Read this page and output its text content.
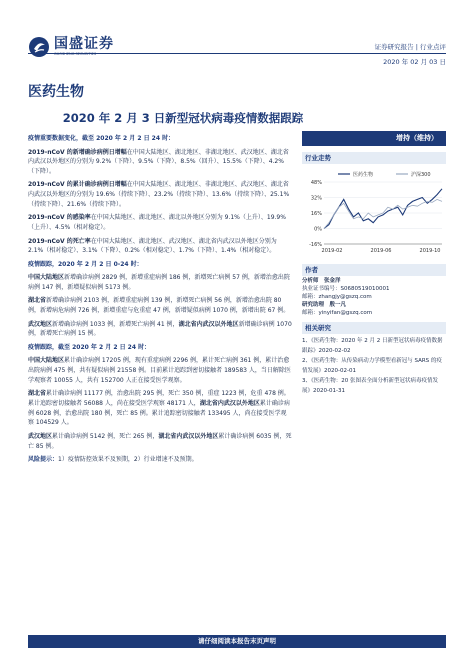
国盛证券
GUOSHENG SECURITIES
证券研究报告 | 行业点评
2020 年 02 月 03 日
医药生物
2020 年 2 月 3 日新型冠状病毒疫情数据跟踪

疫情重要数据变化，截至 2020 年 2 月 2 日 24 时：

2019-nCoV 的新增确诊病例日增幅在中国大陆地区、湖北地区、非湖北地区、武汉地区、湖北省内武汉以外地区的分别为 9.2%（下降）、9.5%（下降）、8.5%（回升）、15.5%（下降）、4.2%（下降）。

2019-nCoV 的累计确诊病例日增幅在中国大陆地区、湖北地区、非湖北地区、武汉地区、湖北省内武汉以外地区的分别为 19.6%（持续下降）、23.2%（持续下降）、13.6%（持续下降）、25.1%（持续下降）、21.6%（持续下降）。

2019-nCoV 的感染率在中国大陆地区、湖北地区、湖北以外地区分别为 9.1%（上升）、19.9%（上升）、4.5%（相对稳定）。

2019-nCoV 的死亡率在中国大陆地区、湖北地区、武汉地区、湖北省内武汉以外地区分别为 2.1%（相对稳定）、3.1%（下降）、0.2%（相对稳定）、1.7%（下降）、1.4%（相对稳定）。

疫情跟踪，2020 年 2 月 2 日 0-24 时：

中国大陆地区新增确诊病例 2829 例，新增重症病例 186 例，新增死亡病例 57 例，新增治愈出院病例 147 例，新增疑似病例 5173 例。

湖北省新增确诊病例 2103 例，新增重症病例 139 例，新增死亡病例 56 例，新增治愈出院 80 例，新增病危病例 726 例，新增重症与危重症 47 例，新增疑似病例 1070 例，新增出院 67 例。

武汉地区新增确诊病例 1033 例，新增死亡病例 41 例，湖北省内武汉以外地区新增确诊病例 1070 例，新增死亡病例 15 例。

疫情跟踪，截至 2020 年 2 月 2 日 24 时：

中国大陆地区累计确诊病例 17205 例，现有重症病例 2296 例，累计死亡病例 361 例，累计治愈出院病例 475 例，共有疑似病例 21558 例。目前累计追踪到密切接触者 189583 人，当日解除医学观察者 10055 人，共有 152700 人正在接受医学观察。

湖北省累计确诊病例 11177 例，治愈出院 295 例，死亡 350 例，重症 1223 例，危重 478 例。累计追踪密切接触者 56088 人，尚在接受医学观察 48171 人，湖北省内武汉以外地区累计确诊病例 6028 例，治愈出院 180 例，死亡 85 例。累计追踪密切接触者 133495 人，尚在接受医学观察 104529 人。

武汉地区累计确诊病例 5142 例，死亡 265 例，湖北省内武汉以外地区累计确诊病例 6035 例，死亡 85 例。

风险提示：1）疫情防控效果不及预期，2）行业增速不及预期。

增持（维持）
行业走势
48%
32%
16%
0%
-16%
2019-02	2019-06	2019-10
医药生物	沪深300
作者
分析师　 张金洋
执业证书编号：S0680519010001
邮箱：zhangjy@gszq.com
研究助理　 殷一凡
邮箱：yinyifan@gszq.com
相关研究
1、《医药生物：2020 年 2 月 2 日新型冠状病毒疫情数据跟踪》2020-02-02
2、《医药生物：从传染病动力学模型看新冠与 SARS 的疫情发展》2020-02-01
3、《医药生物：20 张图表全面分析新型冠状病毒疫情发展》2020-01-31
请仔细阅读本报告末页声明
